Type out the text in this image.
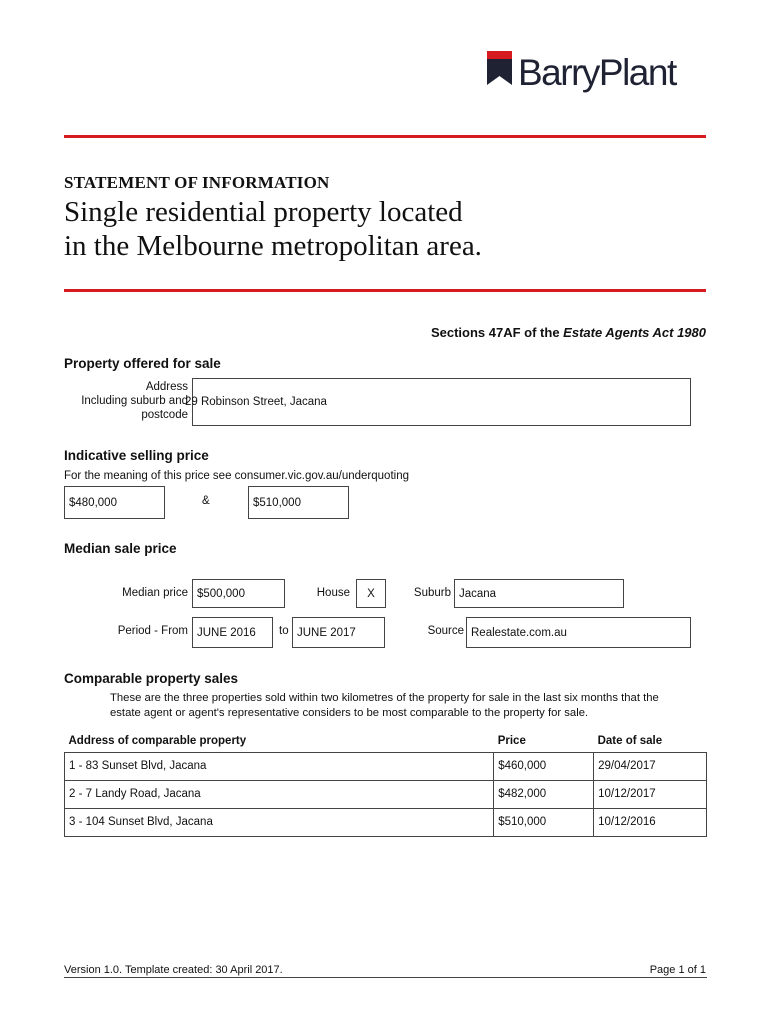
BarryPlant
STATEMENT OF INFORMATION
Single residential property located
in the Melbourne metropolitan area.
Sections 47AF of the Estate Agents Act 1980
Property offered for sale
Address
Including suburb and
postcode
29 Robinson Street, Jacana
Indicative selling price
For the meaning of this price see consumer.vic.gov.au/underquoting
$480,000	&	$510,000
Median sale price
Median price $500,000	House X	Suburb Jacana
Period - From JUNE 2016 to JUNE 2017	Source Realestate.com.au
Comparable property sales
These are the three properties sold within two kilometres of the property for sale in the last six months that the
estate agent or agent's representative considers to be most comparable to the property for sale.
Address of comparable property	Price	Date of sale
1 - 83 Sunset Blvd, Jacana	$460,000	29/04/2017
2 - 7 Landy Road, Jacana	$482,000	10/12/2017
3 - 104 Sunset Blvd, Jacana	$510,000	10/12/2016
Version 1.0. Template created: 30 April 2017.	Page 1 of 1
